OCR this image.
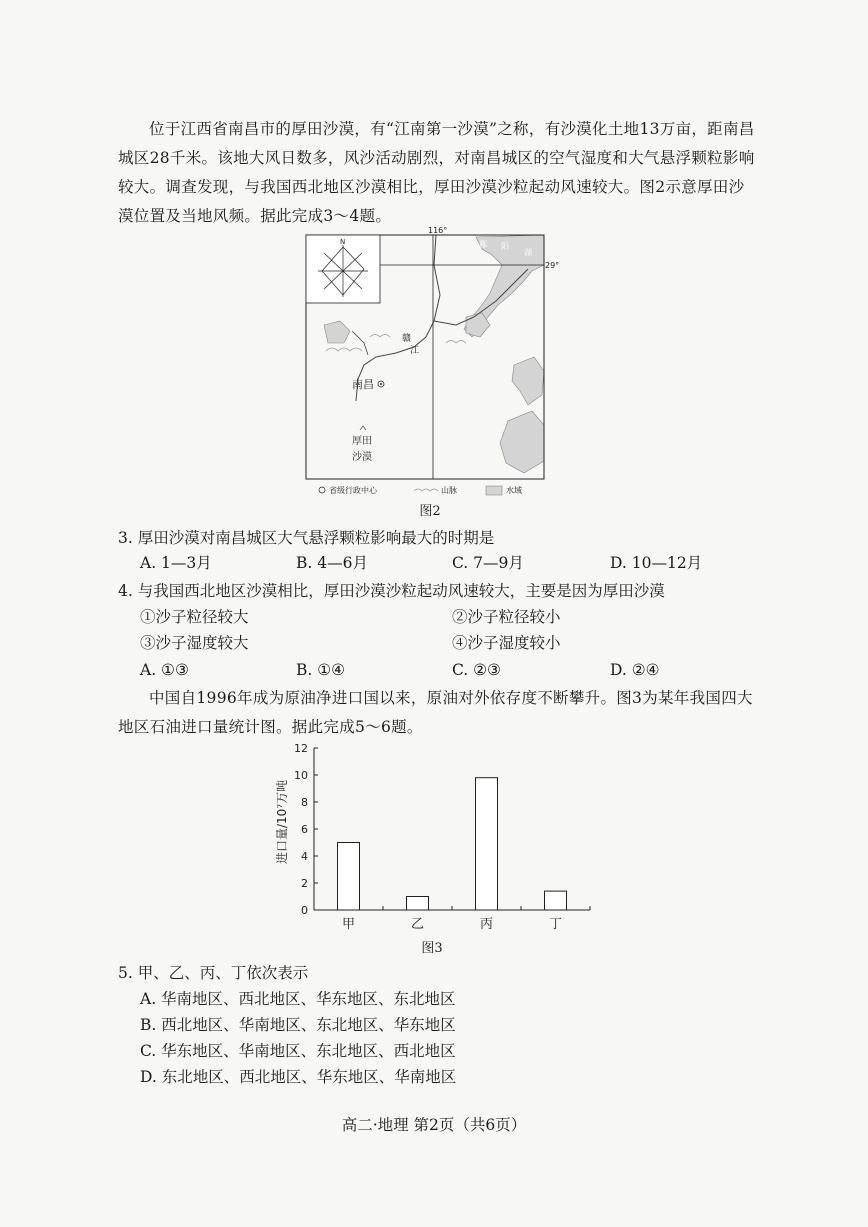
位于江西省南昌市的厚田沙漠，有“江南第一沙漠”之称，有沙漠化土地13万亩，距南昌城区28千米。该地大风日数多，风沙活动剧烈，对南昌城区的空气湿度和大气悬浮颗粒影响较大。调查发现，与我国西北地区沙漠相比，厚田沙漠沙粒起动风速较大。图2示意厚田沙漠位置及当地风频。据此完成3～4题。

116°
29°
N	鄱 阳
湖
赣
江
南昌
厚田
沙漠
省级行政中心	山脉	水域
图2
3. 厚田沙漠对南昌城区大气悬浮颗粒影响最大的时期是
A. 1—3月	B. 4—6月	C. 7—9月	D. 10—12月
4. 与我国西北地区沙漠相比，厚田沙漠沙粒起动风速较大，主要是因为厚田沙漠
①沙子粒径较大	②沙子粒径较小
③沙子湿度较大	④沙子湿度较小
A. ①③	B. ①④	C. ②③	D. ②④

中国自1996年成为原油净进口国以来，原油对外依存度不断攀升。图3为某年我国四大地区石油进口量统计图。据此完成5～6题。

进口量/10⁷万吨
0
2
4
6
8
10
12
甲	乙	丙	丁
图3
5. 甲、乙、丙、丁依次表示
A. 华南地区、西北地区、华东地区、东北地区
B. 西北地区、华南地区、东北地区、华东地区
C. 华东地区、华南地区、东北地区、西北地区
D. 东北地区、西北地区、华东地区、华南地区
高二·地理 第2页（共6页）
